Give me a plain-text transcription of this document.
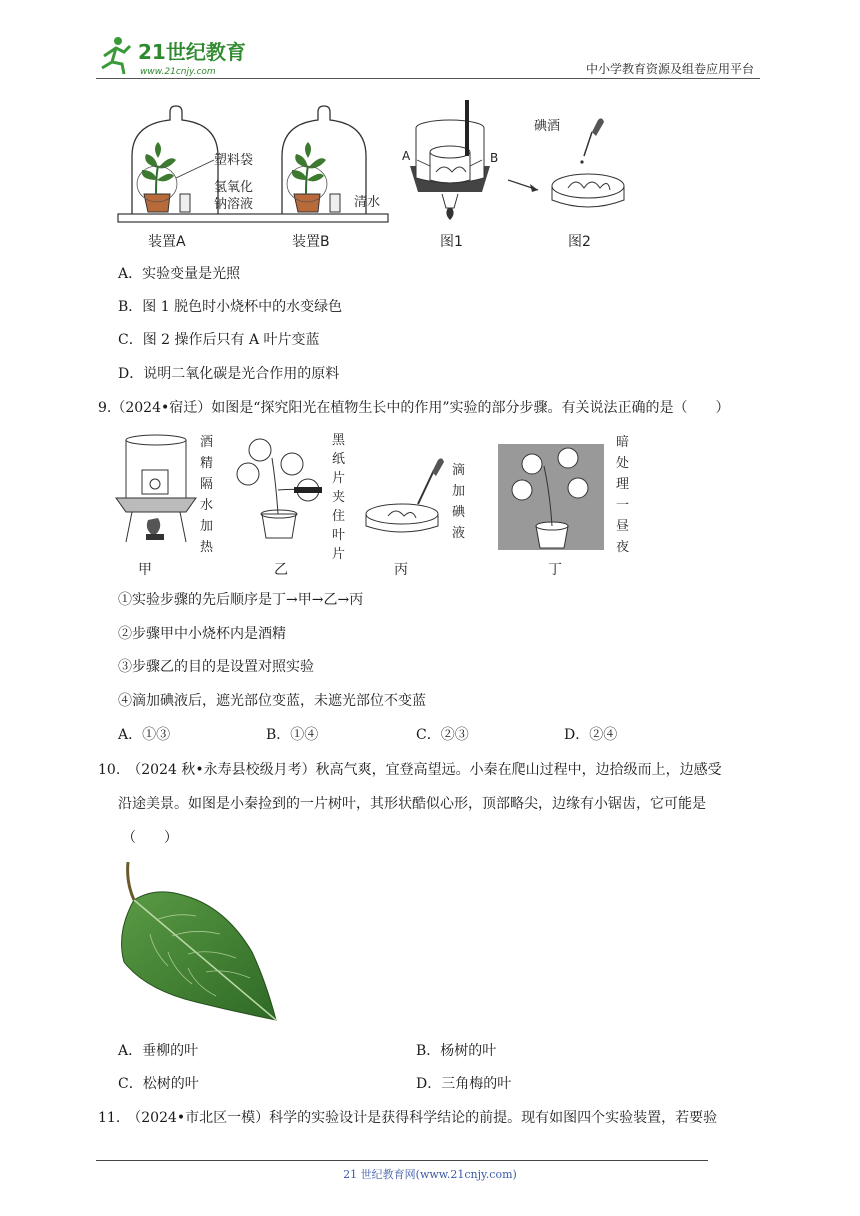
21世纪教育
www.21cnjy.com	中小学教育资源及组卷应用平台
塑料袋
氢氧化
钠溶液	清水
装置A	装置B
A	B
图1
碘酒
图2
A．实验变量是光照
B．图 1 脱色时小烧杯中的水变绿色
C．图 2 操作后只有 A 叶片变蓝
D．说明二氧化碳是光合作用的原料
9.（2024•宿迁）如图是“探究阳光在植物生长中的作用”实验的部分步骤。有关说法正确的是（　　）
酒
精
隔
水
加
热
黑
纸
片
夹
住
叶
片
滴
加
碘
液
暗
处
理
一
昼
夜
甲	乙	丙	丁
①实验步骤的先后顺序是丁→甲→乙→丙
②步骤甲中小烧杯内是酒精
③步骤乙的目的是设置对照实验
④滴加碘液后，遮光部位变蓝，未遮光部位不变蓝
A．①③	B．①④	C．②③	D．②④
10.　（2024 秋•永寿县校级月考）秋高气爽，宜登高望远。小秦在爬山过程中，边拾级而上，边感受
沿途美景。如图是小秦捡到的一片树叶，其形状酷似心形，顶部略尖，边缘有小锯齿，它可能是
（　　）
A．垂柳的叶	B．杨树的叶
C．松树的叶	D．三角梅的叶
11.　（2024•市北区一模）科学的实验设计是获得科学结论的前提。现有如图四个实验装置，若要验
21 世纪教育网(www.21cnjy.com)
